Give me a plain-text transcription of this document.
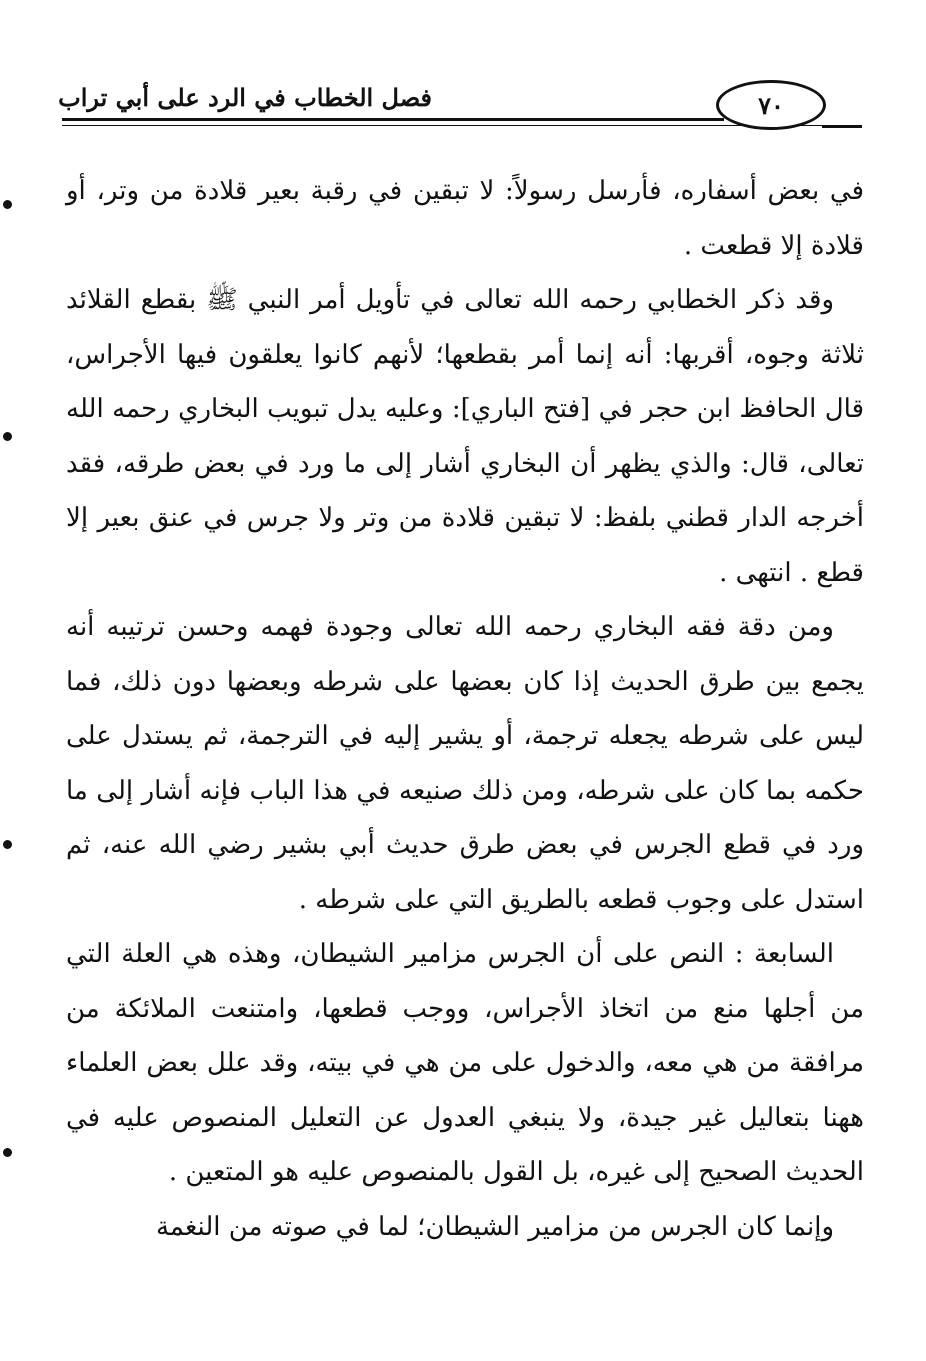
فصل الخطاب في الرد على أبي تراب	٧٠

في بعض أسفاره، فأرسل رسولاً: لا تبقين في رقبة بعير قلادة من وتر، أو قلادة إلا قطعت .

وقد ذكر الخطابي رحمه الله تعالى في تأويل أمر النبي ﷺ بقطع القلائد ثلاثة وجوه، أقربها: أنه إنما أمر بقطعها؛ لأنهم كانوا يعلقون فيها الأجراس، قال الحافظ ابن حجر في [فتح الباري]: وعليه يدل تبويب البخاري رحمه الله تعالى، قال: والذي يظهر أن البخاري أشار إلى ما ورد في بعض طرقه، فقد أخرجه الدار قطني بلفظ: لا تبقين قلادة من وتر ولا جرس في عنق بعير إلا قطع . انتهى .

ومن دقة فقه البخاري رحمه الله تعالى وجودة فهمه وحسن ترتيبه أنه يجمع بين طرق الحديث إذا كان بعضها على شرطه وبعضها دون ذلك، فما ليس على شرطه يجعله ترجمة، أو يشير إليه في الترجمة، ثم يستدل على حكمه بما كان على شرطه، ومن ذلك صنيعه في هذا الباب فإنه أشار إلى ما ورد في قطع الجرس في بعض طرق حديث أبي بشير رضي الله عنه، ثم استدل على وجوب قطعه بالطريق التي على شرطه .

السابعة : النص على أن الجرس مزامير الشيطان، وهذه هي العلة التي من أجلها منع من اتخاذ الأجراس، ووجب قطعها، وامتنعت الملائكة من مرافقة من هي معه، والدخول على من هي في بيته، وقد علل بعض العلماء ههنا بتعاليل غير جيدة، ولا ينبغي العدول عن التعليل المنصوص عليه في الحديث الصحيح إلى غيره، بل القول بالمنصوص عليه هو المتعين .

وإنما كان الجرس من مزامير الشيطان؛ لما في صوته من النغمة
